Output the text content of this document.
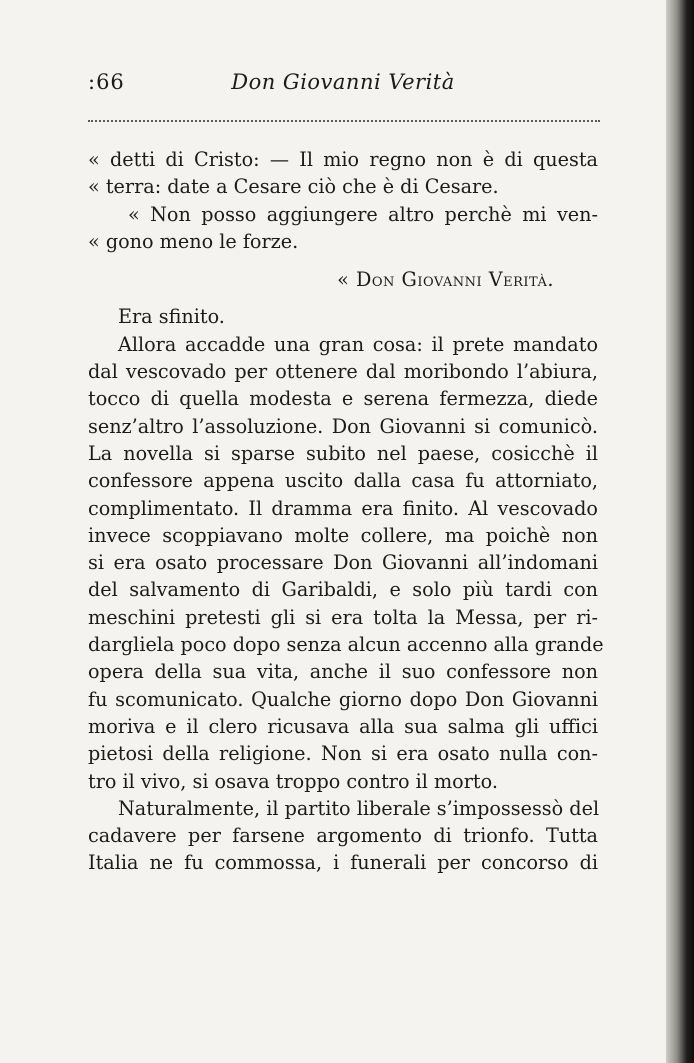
:66	Don Giovanni Verità
« detti di Cristo: — Il mio regno non è di questa
« terra: date a Cesare ciò che è di Cesare.
« Non posso aggiungere altro perchè mi ven-
« gono meno le forze.
« Don Giovanni Verità.
Era sfinito.
Allora accadde una gran cosa: il prete mandato
dal vescovado per ottenere dal moribondo l’abiura,
tocco di quella modesta e serena fermezza, diede
senz’altro l’assoluzione. Don Giovanni si comunicò.
La novella si sparse subito nel paese, cosicchè il
confessore appena uscito dalla casa fu attorniato,
complimentato. Il dramma era finito. Al vescovado
invece scoppiavano molte collere, ma poichè non
si era osato processare Don Giovanni all’indomani
del salvamento di Garibaldi, e solo più tardi con
meschini pretesti gli si era tolta la Messa, per ri-
dargliela poco dopo senza alcun accenno alla grande
opera della sua vita, anche il suo confessore non
fu scomunicato. Qualche giorno dopo Don Giovanni
moriva e il clero ricusava alla sua salma gli uffici
pietosi della religione. Non si era osato nulla con-
tro il vivo, si osava troppo contro il morto.
Naturalmente, il partito liberale s’impossessò del
cadavere per farsene argomento di trionfo. Tutta
Italia ne fu commossa, i funerali per concorso di
